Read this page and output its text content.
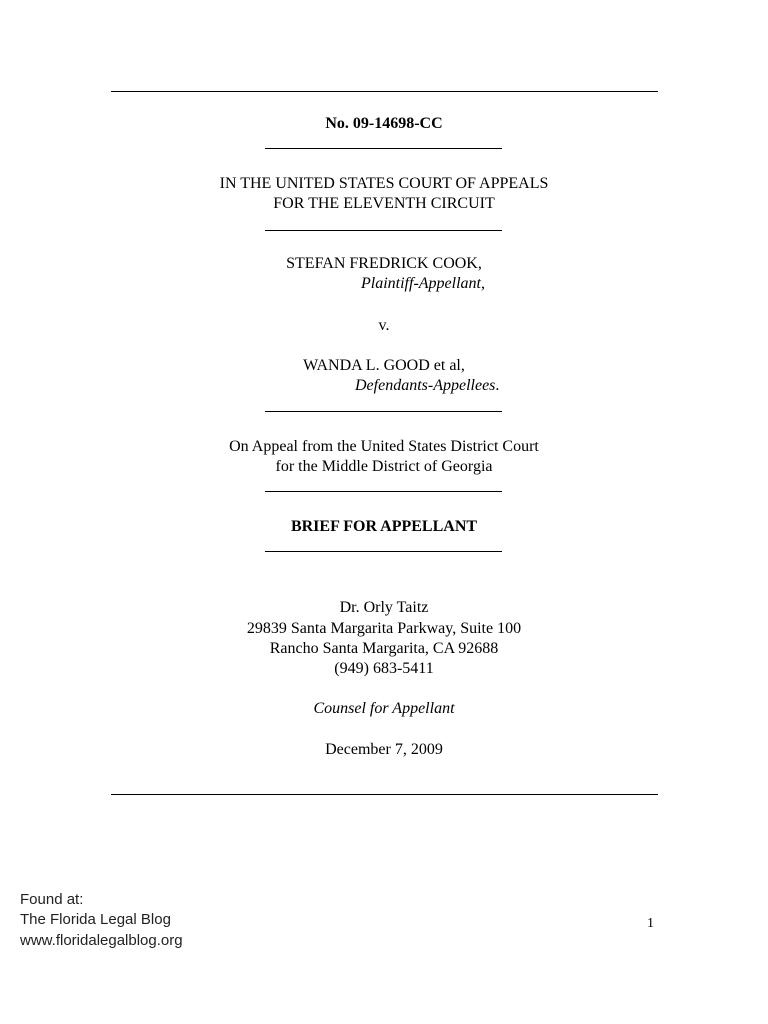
No. 09-14698-CC
IN THE UNITED STATES COURT OF APPEALS
FOR THE ELEVENTH CIRCUIT
STEFAN FREDRICK COOK,
Plaintiff-Appellant,
v.
WANDA L. GOOD et al,
Defendants-Appellees.
On Appeal from the United States District Court
for the Middle District of Georgia
BRIEF FOR APPELLANT
Dr. Orly Taitz
29839 Santa Margarita Parkway, Suite 100
Rancho Santa Margarita, CA 92688
(949) 683-5411
Counsel for Appellant
December 7, 2009
Found at:
The Florida Legal Blog
www.floridalegalblog.org
1
